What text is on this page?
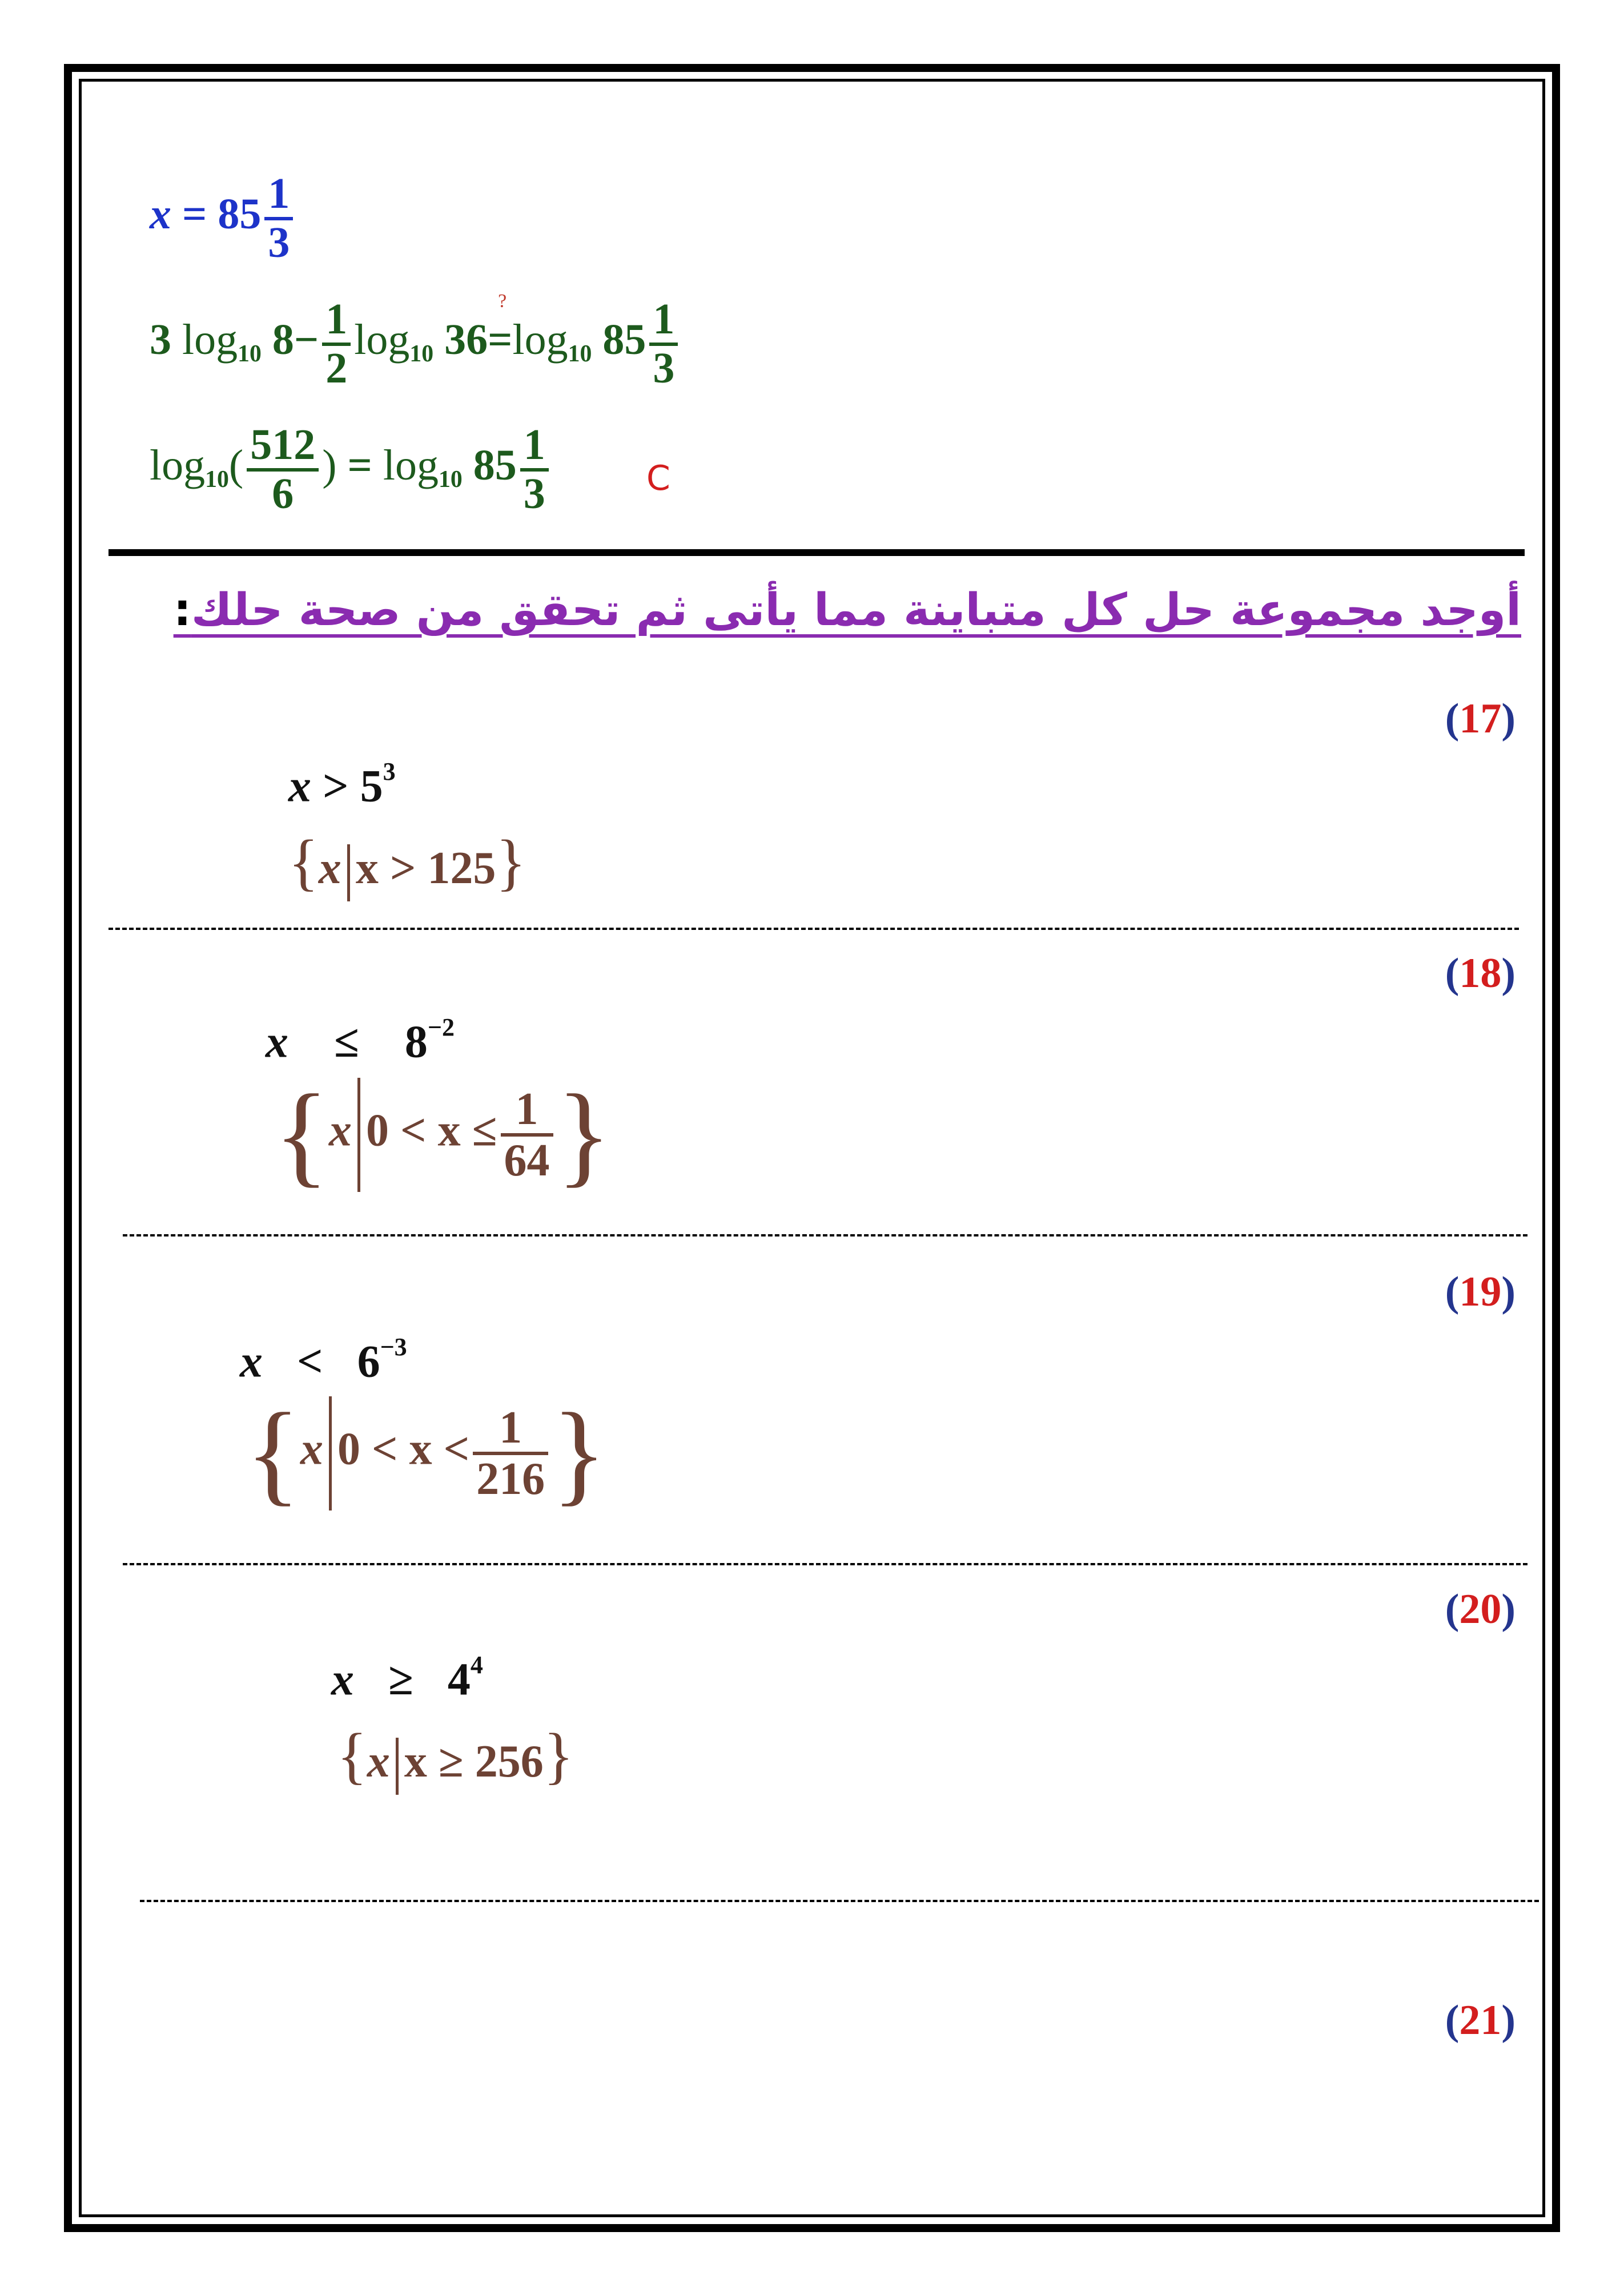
$x = 85 \frac{1}{3}$
3 $\log_{10} 8- \frac{1}{2} \log_{10} 36$
?
$=\log_{10}$ $85 \frac{1}{3}$
$\log_{10}( \frac{512}{6}$ ) = $\log_{10} 85 \frac{1}{3}$	C
أوجد مجموعة حل كل متباينة مما يأتى ثم تحقق من صحة حلك:
(17)
$x > 5^3$
{x x > 125}
(18)
$x \le 8^{-2}$
{x $0 < x \le \frac{1}{64}$ }
(19)
$x < 6^{-3}$
{x $0 < x < \frac{1}{216}$ }
(20)
$x \ge 4^4$
{x x ≥ 256}
(21)
